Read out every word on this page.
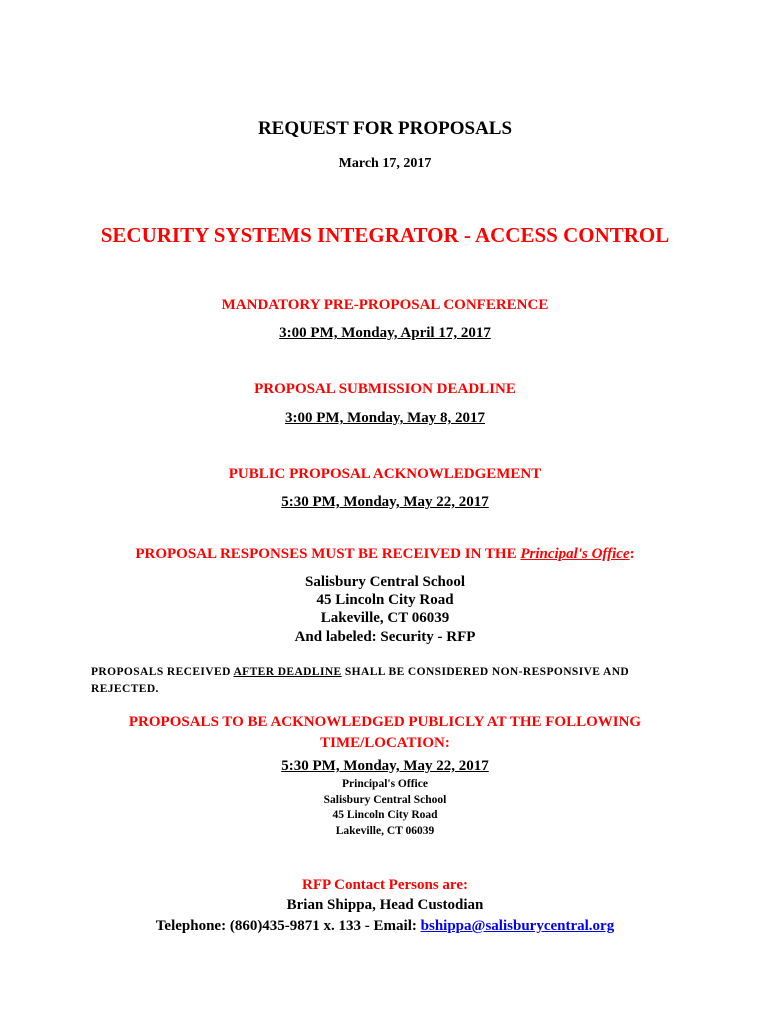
REQUEST FOR PROPOSALS
March 17, 2017
SECURITY SYSTEMS INTEGRATOR - ACCESS CONTROL
MANDATORY PRE-PROPOSAL CONFERENCE
3:00 PM, Monday, April 17, 2017
PROPOSAL SUBMISSION DEADLINE
3:00 PM, Monday, May 8, 2017
PUBLIC PROPOSAL ACKNOWLEDGEMENT
5:30 PM, Monday, May 22, 2017
PROPOSAL RESPONSES MUST BE RECEIVED IN THE Principal's Office:
Salisbury Central School
45 Lincoln City Road
Lakeville, CT 06039
And labeled: Security - RFP
PROPOSALS RECEIVED AFTER DEADLINE SHALL BE CONSIDERED NON-RESPONSIVE AND
REJECTED.
PROPOSALS TO BE ACKNOWLEDGED PUBLICLY AT THE FOLLOWING
TIME/LOCATION:
5:30 PM, Monday, May 22, 2017
Principal's Office
Salisbury Central School
45 Lincoln City Road
Lakeville, CT 06039
RFP Contact Persons are:
Brian Shippa, Head Custodian
Telephone: (860)435-9871 x. 133 - Email: bshippa@salisburycentral.org
